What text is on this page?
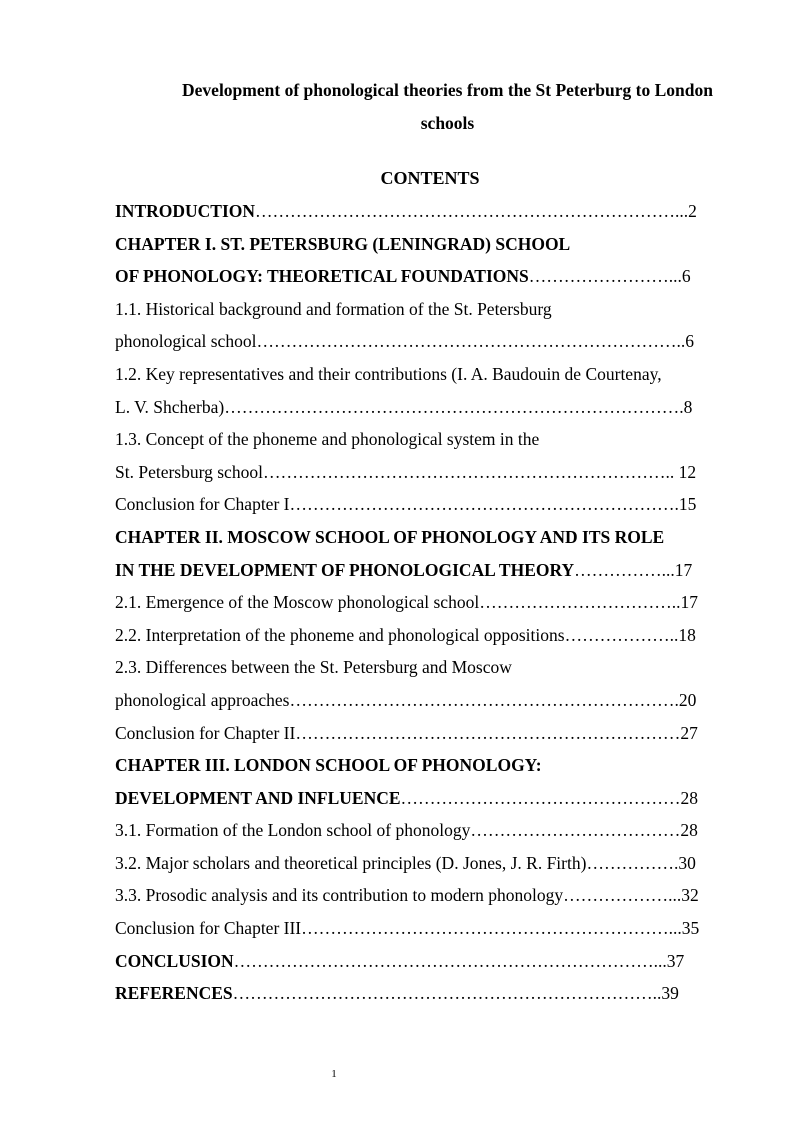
Development of phonological theories from the St Peterburg to London
schools
CONTENTS
INTRODUCTION………………………………………………………………...2
CHAPTER I. ST. PETERSBURG (LENINGRAD) SCHOOL
OF PHONOLOGY: THEORETICAL FOUNDATIONS……………………...6
1.1. Historical background and formation of the St. Petersburg
phonological school………………………………………………………………..6
1.2. Key representatives and their contributions (I. A. Baudouin de Courtenay,
L. V. Shcherba)…………………………………………………………………….8
1.3. Concept of the phoneme and phonological system in the
St. Petersburg school…………………………………………………………….. 12
Conclusion for Chapter I………………………………………………………….15
CHAPTER II. MOSCOW SCHOOL OF PHONOLOGY AND ITS ROLE
IN THE DEVELOPMENT OF PHONOLOGICAL THEORY……………...17
2.1. Emergence of the Moscow phonological school……………………………..17
2.2. Interpretation of the phoneme and phonological oppositions………………..18
2.3. Differences between the St. Petersburg and Moscow
phonological approaches………………………………………………………….20
Conclusion for Chapter II…………………………………………………………27
CHAPTER III. LONDON SCHOOL OF PHONOLOGY:
DEVELOPMENT AND INFLUENCE…………………………………………28
3.1. Formation of the London school of phonology………………………………28
3.2. Major scholars and theoretical principles (D. Jones, J. R. Firth)…………….30
3.3. Prosodic analysis and its contribution to modern phonology………………...32
Conclusion for Chapter III………………………………………………………...35
CONCLUSION………………………………………………………………...37
REFERENCES………………………………………………………………..39
1
